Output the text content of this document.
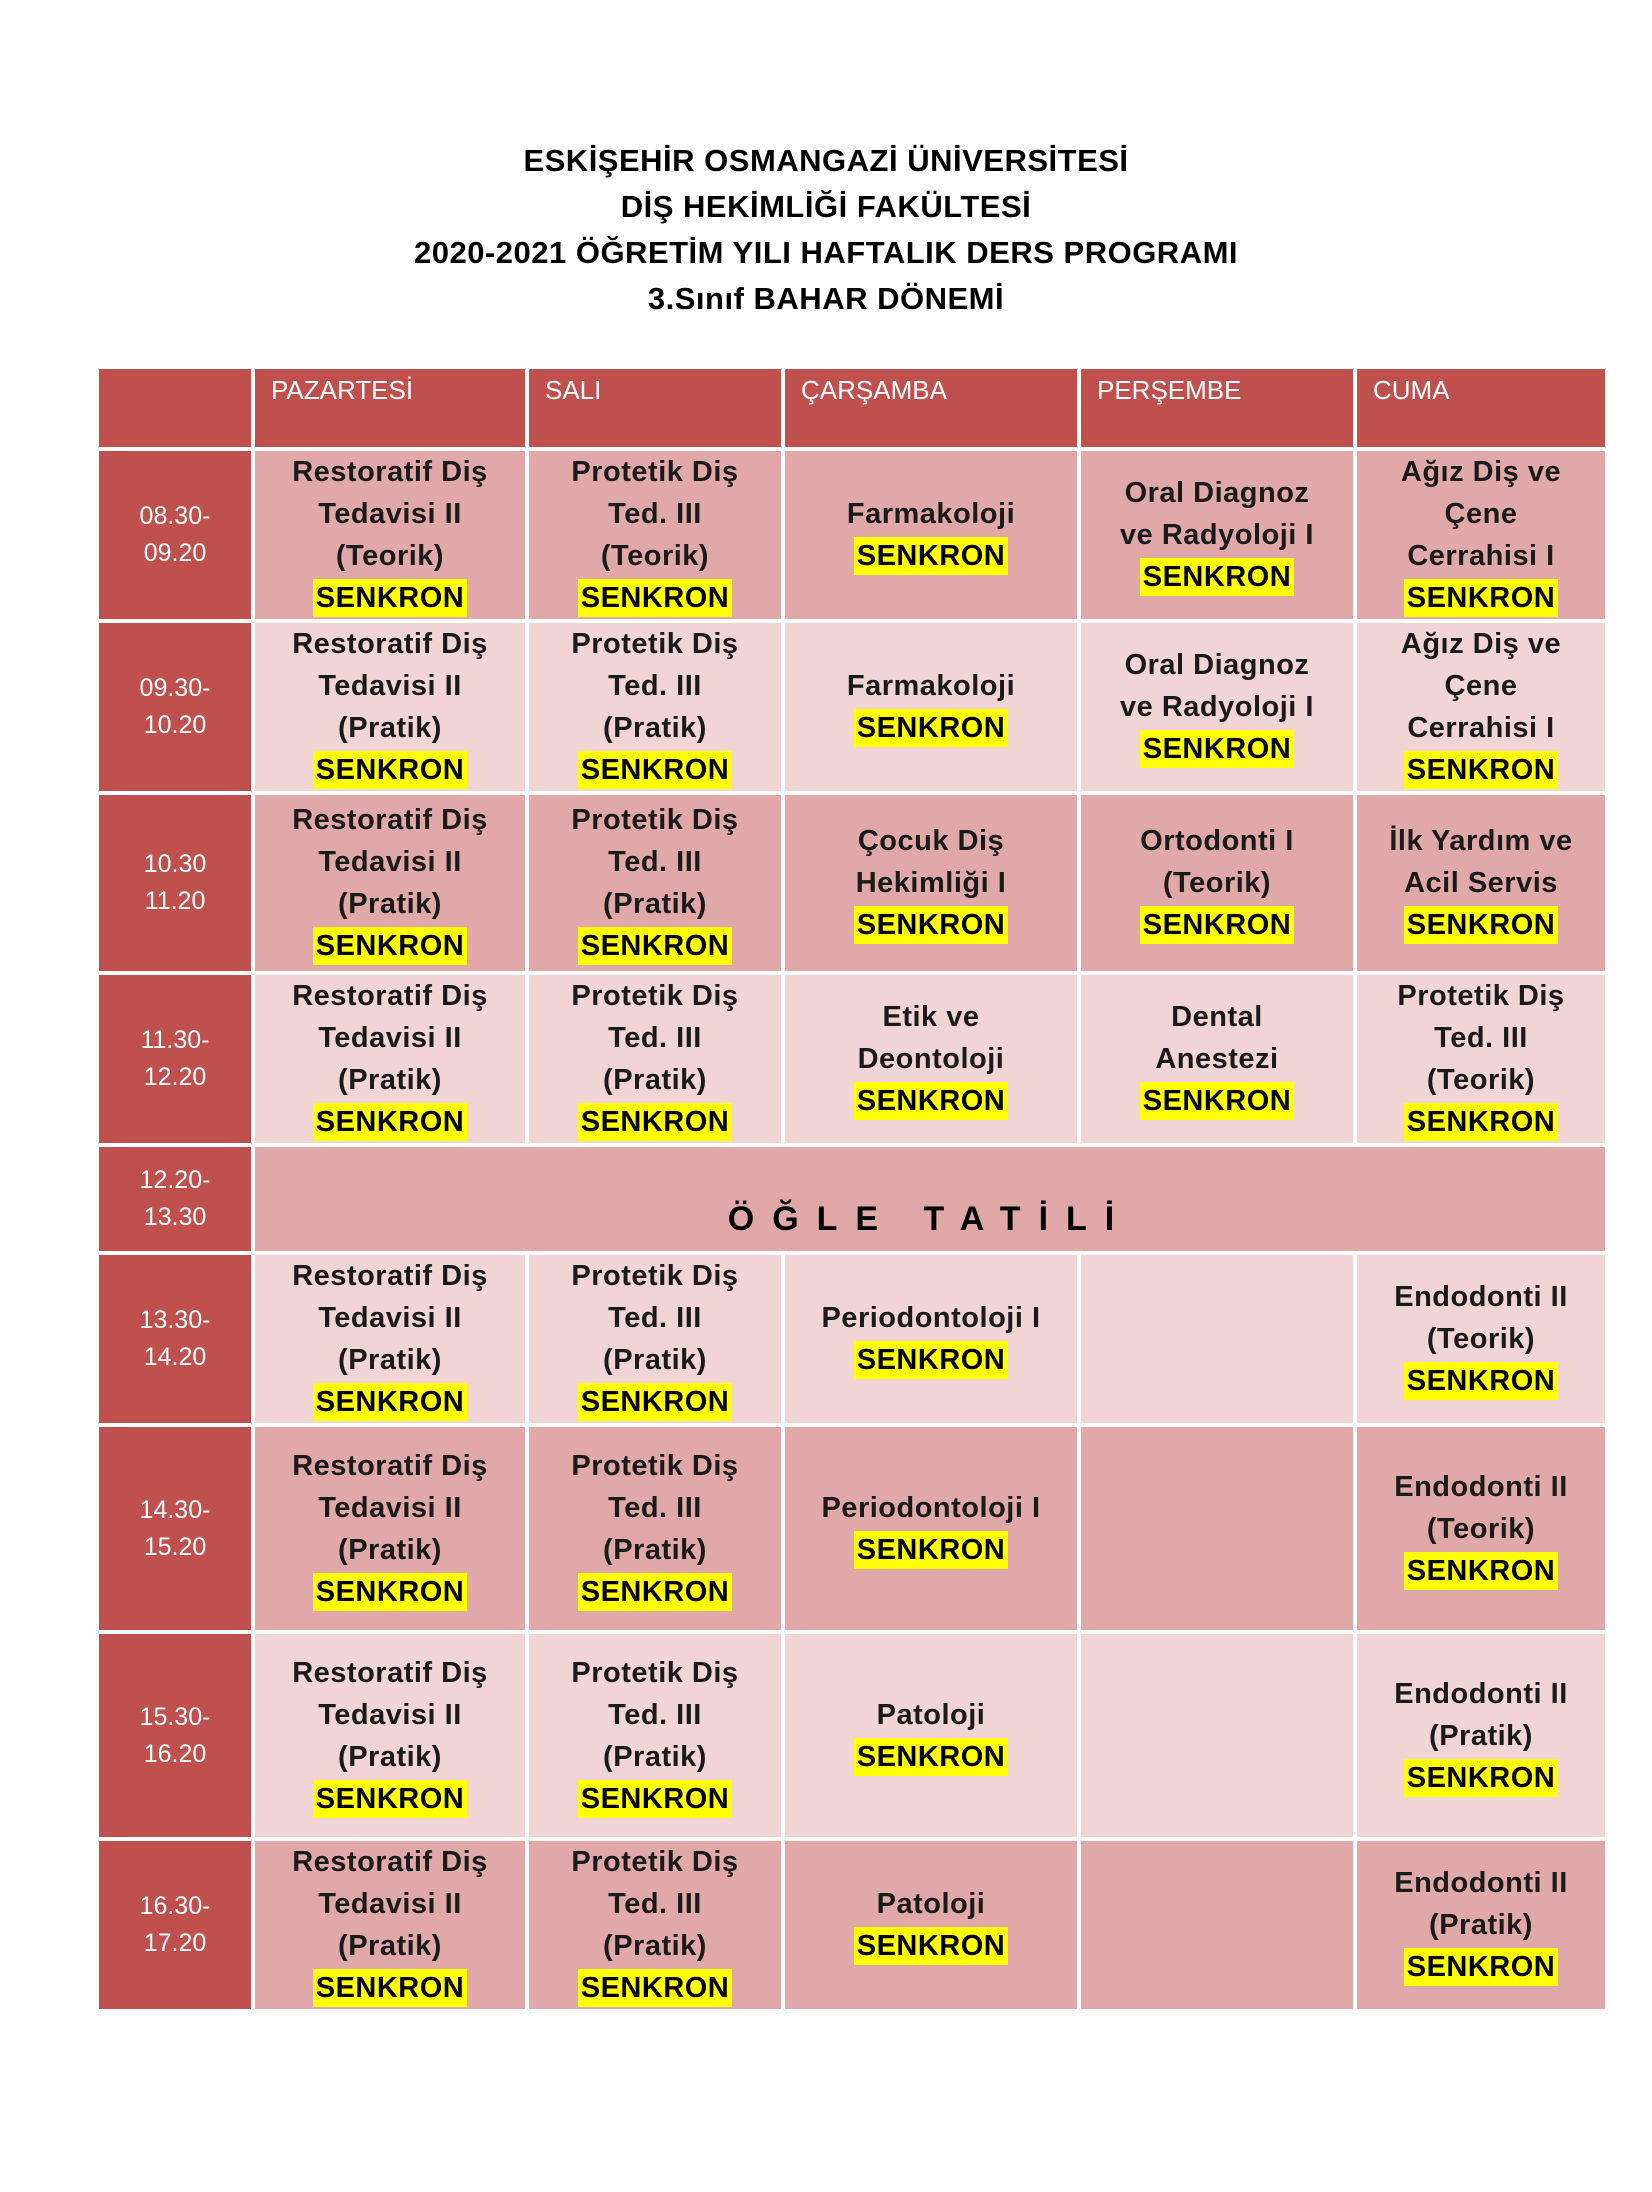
ESKİŞEHİR OSMANGAZİ ÜNİVERSİTESİ
DİŞ HEKİMLİĞİ FAKÜLTESİ
2020-2021 ÖĞRETİM YILI HAFTALIK DERS PROGRAMI
3.Sınıf BAHAR DÖNEMİ
	PAZARTESİ	SALI	ÇARŞAMBA	PERŞEMBE	CUMA

08.30-
09.20	Restoratif Diş
Tedavisi II
(Teorik)
SENKRON	Protetik Diş
Ted. III
(Teorik)
SENKRON	Farmakoloji
SENKRON	Oral Diagnoz
ve Radyoloji I
SENKRON	Ağız Diş ve
Çene
Cerrahisi I
SENKRON

09.30-
10.20	Restoratif Diş
Tedavisi II
(Pratik)
SENKRON	Protetik Diş
Ted. III
(Pratik)
SENKRON	Farmakoloji
SENKRON	Oral Diagnoz
ve Radyoloji I
SENKRON	Ağız Diş ve
Çene
Cerrahisi I
SENKRON

10.30
11.20	Restoratif Diş
Tedavisi II
(Pratik)
SENKRON	Protetik Diş
Ted. III
(Pratik)
SENKRON	Çocuk Diş
Hekimliği I
SENKRON	Ortodonti I
(Teorik)
SENKRON	İlk Yardım ve
Acil Servis
SENKRON

11.30-
12.20	Restoratif Diş
Tedavisi II
(Pratik)
SENKRON	Protetik Diş
Ted. III
(Pratik)
SENKRON	Etik ve
Deontoloji
SENKRON	Dental
Anestezi
SENKRON	Protetik Diş
Ted. III
(Teorik)
SENKRON

12.20-
13.30	ÖĞLE TATİLİ				

13.30-
14.20	Restoratif Diş
Tedavisi II
(Pratik)
SENKRON	Protetik Diş
Ted. III
(Pratik)
SENKRON	Periodontoloji I
SENKRON		Endodonti II
(Teorik)
SENKRON

14.30-
15.20	Restoratif Diş
Tedavisi II
(Pratik)
SENKRON	Protetik Diş
Ted. III
(Pratik)
SENKRON	Periodontoloji I
SENKRON		Endodonti II
(Teorik)
SENKRON

15.30-
16.20	Restoratif Diş
Tedavisi II
(Pratik)
SENKRON	Protetik Diş
Ted. III
(Pratik)
SENKRON	Patoloji
SENKRON		Endodonti II
(Pratik)
SENKRON

16.30-
17.20	Restoratif Diş
Tedavisi II
(Pratik)
SENKRON	Protetik Diş
Ted. III
(Pratik)
SENKRON	Patoloji
SENKRON		Endodonti II
(Pratik)
SENKRON
